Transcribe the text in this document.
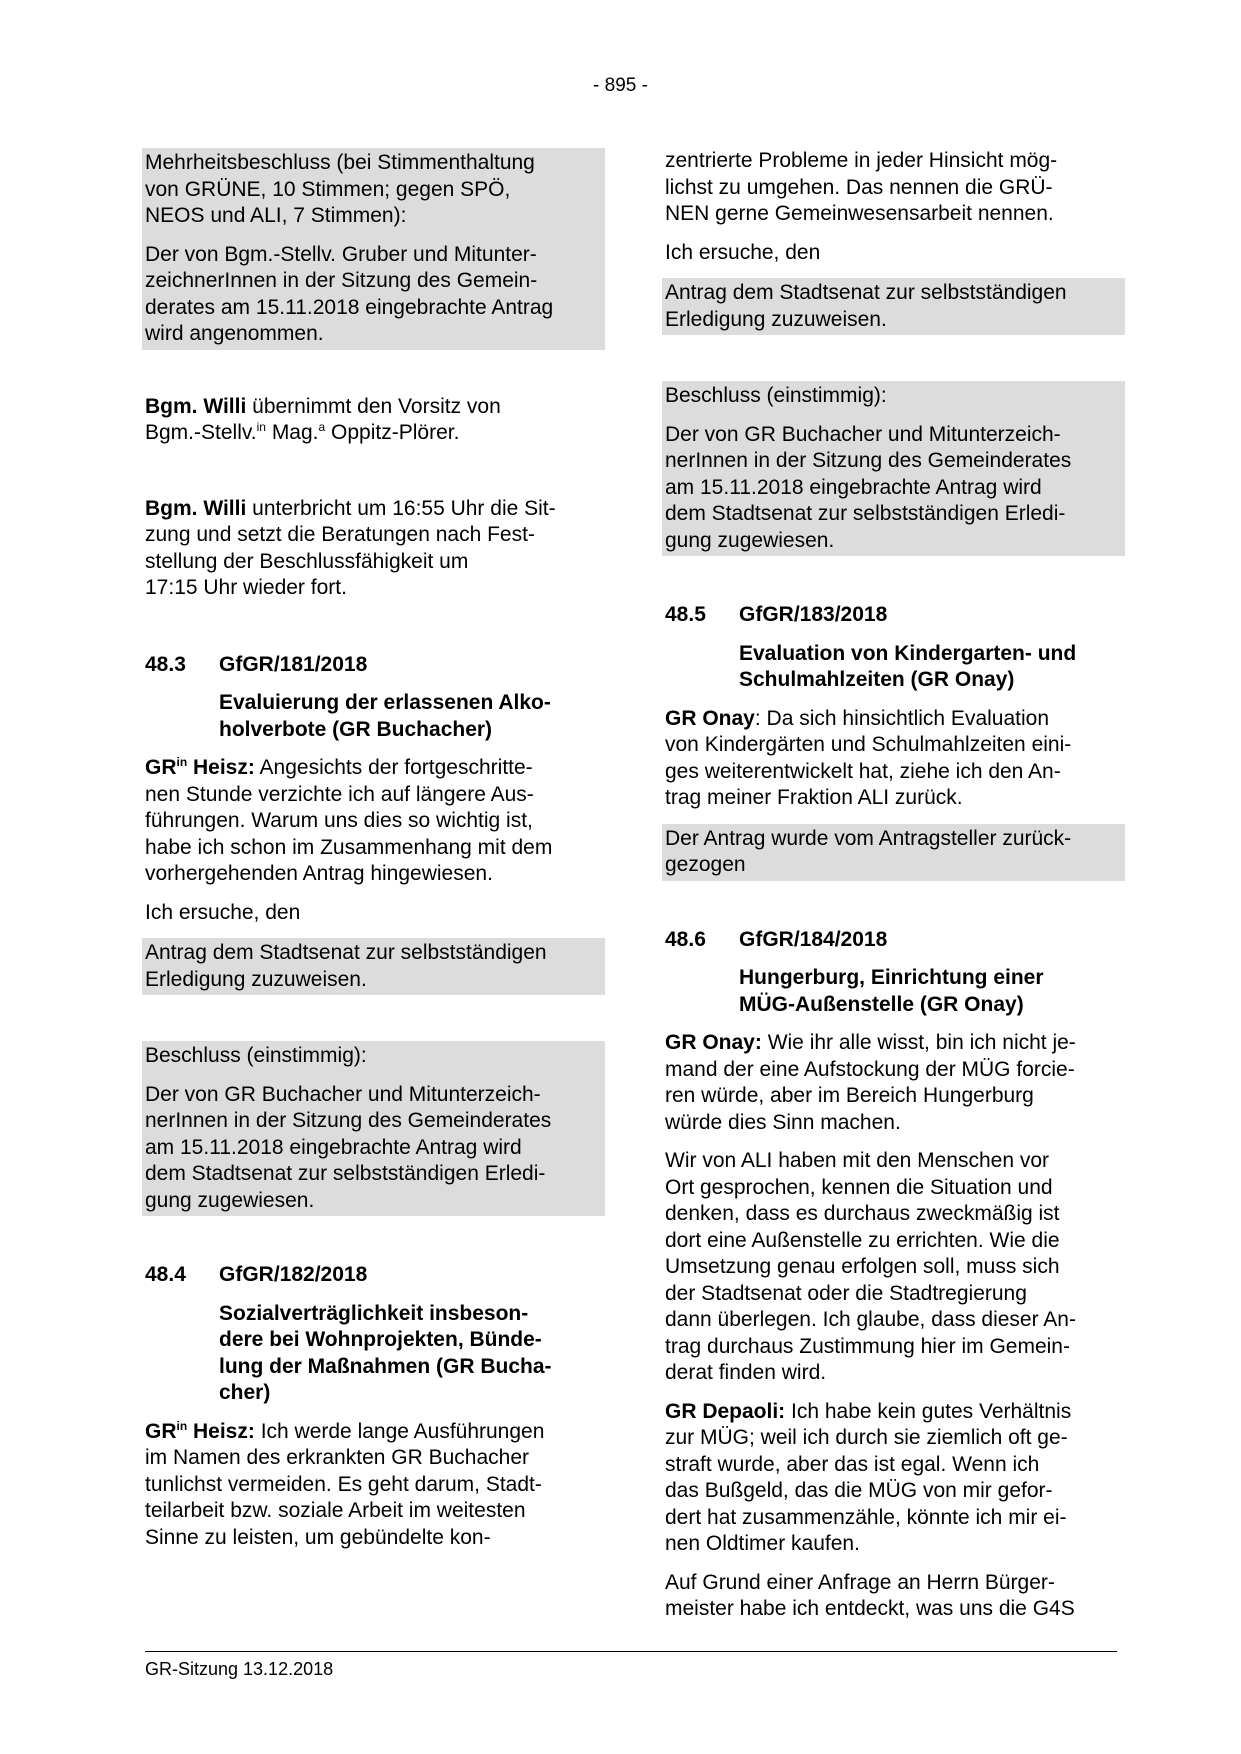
- 895 -

Mehrheitsbeschluss (bei Stimmenthaltung
von GRÜNE, 10 Stimmen; gegen SPÖ,
NEOS und ALI, 7 Stimmen):

Der von Bgm.-Stellv. Gruber und Mitunter-
zeichnerInnen in der Sitzung des Gemein-
derates am 15.11.2018 eingebrachte Antrag
wird angenommen.

Bgm. Willi übernimmt den Vorsitz von
Bgm.-Stellv.$^{in}$ Mag.$^a$ Oppitz-Plörer.

Bgm. Willi unterbricht um 16:55 Uhr die Sit-
zung und setzt die Beratungen nach Fest-
stellung der Beschlussfähigkeit um
17:15 Uhr wieder fort.

48.3	GfGR/181/2018

Evaluierung der erlassenen Alko-
holverbote (GR Buchacher)

$GR^{in}$ Heisz: Angesichts der fortgeschritte-
nen Stunde verzichte ich auf längere Aus-
führungen. Warum uns dies so wichtig ist,
habe ich schon im Zusammenhang mit dem
vorhergehenden Antrag hingewiesen.

Ich ersuche, den

Antrag dem Stadtsenat zur selbstständigen
Erledigung zuzuweisen.

Beschluss (einstimmig):

Der von GR Buchacher und Mitunterzeich-
nerInnen in der Sitzung des Gemeinderates
am 15.11.2018 eingebrachte Antrag wird
dem Stadtsenat zur selbstständigen Erledi-
gung zugewiesen.

48.4	GfGR/182/2018

Sozialverträglichkeit insbeson-
dere bei Wohnprojekten, Bünde-
lung der Maßnahmen (GR Bucha-
cher)

$GR^{in}$ Heisz: Ich werde lange Ausführungen
im Namen des erkrankten GR Buchacher
tunlichst vermeiden. Es geht darum, Stadt-
teilarbeit bzw. soziale Arbeit im weitesten
Sinne zu leisten, um gebündelte kon-

zentrierte Probleme in jeder Hinsicht mög-
lichst zu umgehen. Das nennen die GRÜ-
NEN gerne Gemeinwesensarbeit nennen.

Ich ersuche, den

Antrag dem Stadtsenat zur selbstständigen
Erledigung zuzuweisen.

Beschluss (einstimmig):

Der von GR Buchacher und Mitunterzeich-
nerInnen in der Sitzung des Gemeinderates
am 15.11.2018 eingebrachte Antrag wird
dem Stadtsenat zur selbstständigen Erledi-
gung zugewiesen.

48.5	GfGR/183/2018

Evaluation von Kindergarten- und
Schulmahlzeiten (GR Onay)

GR Onay: Da sich hinsichtlich Evaluation
von Kindergärten und Schulmahlzeiten eini-
ges weiterentwickelt hat, ziehe ich den An-
trag meiner Fraktion ALI zurück.

Der Antrag wurde vom Antragsteller zurück-
gezogen

48.6	GfGR/184/2018

Hungerburg, Einrichtung einer
MÜG-Außenstelle (GR Onay)

GR Onay: Wie ihr alle wisst, bin ich nicht je-
mand der eine Aufstockung der MÜG forcie-
ren würde, aber im Bereich Hungerburg
würde dies Sinn machen.

Wir von ALI haben mit den Menschen vor
Ort gesprochen, kennen die Situation und
denken, dass es durchaus zweckmäßig ist
dort eine Außenstelle zu errichten. Wie die
Umsetzung genau erfolgen soll, muss sich
der Stadtsenat oder die Stadtregierung
dann überlegen. Ich glaube, dass dieser An-
trag durchaus Zustimmung hier im Gemein-
derat finden wird.

GR Depaoli: Ich habe kein gutes Verhältnis
zur MÜG; weil ich durch sie ziemlich oft ge-
straft wurde, aber das ist egal. Wenn ich
das Bußgeld, das die MÜG von mir gefor-
dert hat zusammenzähle, könnte ich mir ei-
nen Oldtimer kaufen.

Auf Grund einer Anfrage an Herrn Bürger-
meister habe ich entdeckt, was uns die G4S

GR-Sitzung 13.12.2018
